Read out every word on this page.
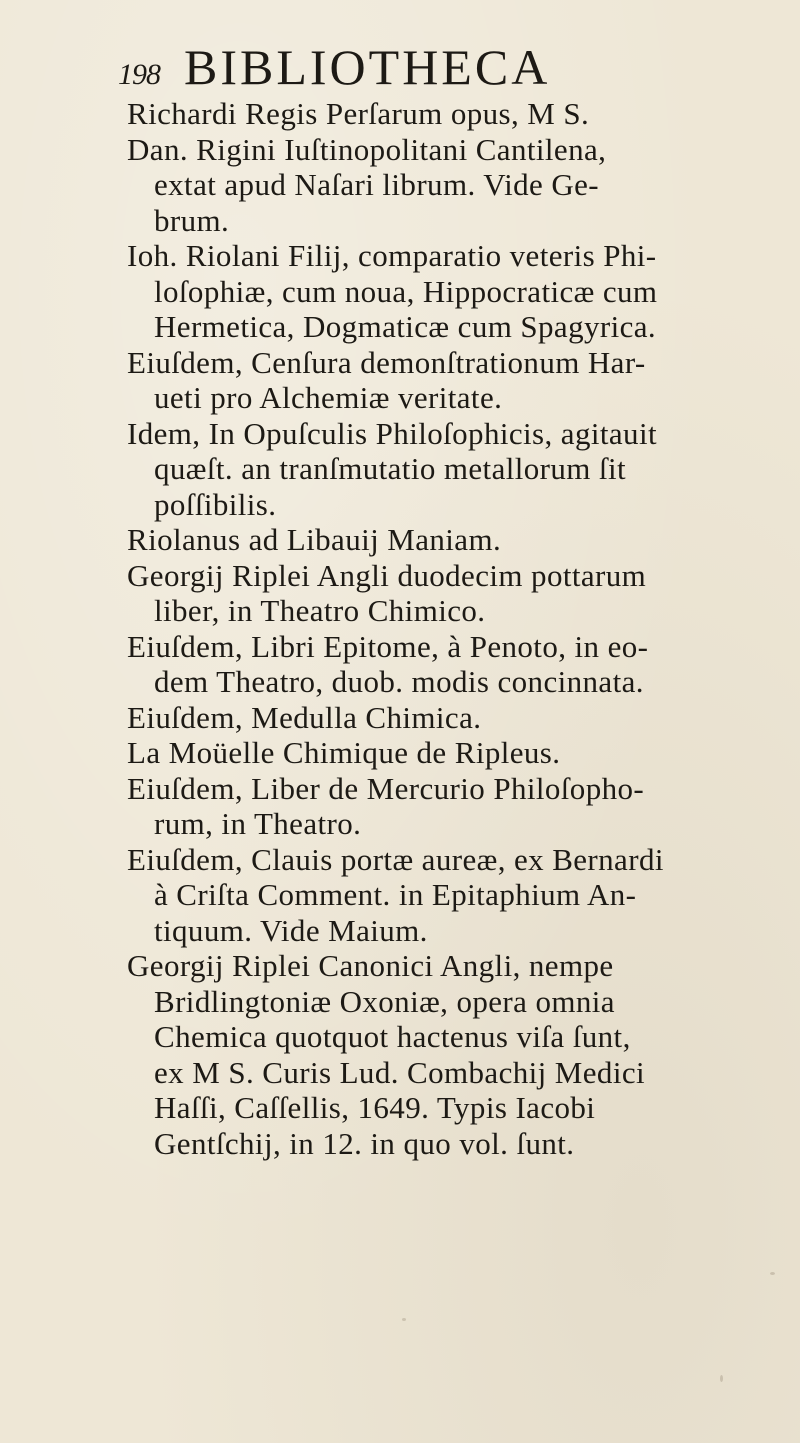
198 BIBLIOTHECA
Richardi Regis Perſarum opus, M S.
Dan. Rigini Iuſtinopolitani Cantilena,
extat apud Naſari librum. Vide Ge-
brum.
Ioh. Riolani Filij, comparatio veteris Phi-
loſophiæ, cum noua, Hippocraticæ cum
Hermetica, Dogmaticæ cum Spagyrica.
Eiuſdem, Cenſura demonſtrationum Har-
ueti pro Alchemiæ veritate.
Idem, In Opuſculis Philoſophicis, agitauit
quæſt. an tranſmutatio metallorum ſit
poſſibilis.
Riolanus ad Libauij Maniam.
Georgij Riplei Angli duodecim pottarum
liber, in Theatro Chimico.
Eiuſdem, Libri Epitome, à Penoto, in eo-
dem Theatro, duob. modis concinnata.
Eiuſdem, Medulla Chimica.
La Moüelle Chimique de Ripleus.
Eiuſdem, Liber de Mercurio Philoſopho-
rum, in Theatro.
Eiuſdem, Clauis portæ aureæ, ex Bernardi
à Criſta Comment. in Epitaphium An-
tiquum. Vide Maium.
Georgij Riplei Canonici Angli, nempe
Bridlingtoniæ Oxoniæ, opera omnia
Chemica quotquot hactenus viſa ſunt,
ex M S. Curis Lud. Combachij Medici
Haſſi, Caſſellis, 1649. Typis Iacobi
Gentſchij, in 12. in quo vol. ſunt.
